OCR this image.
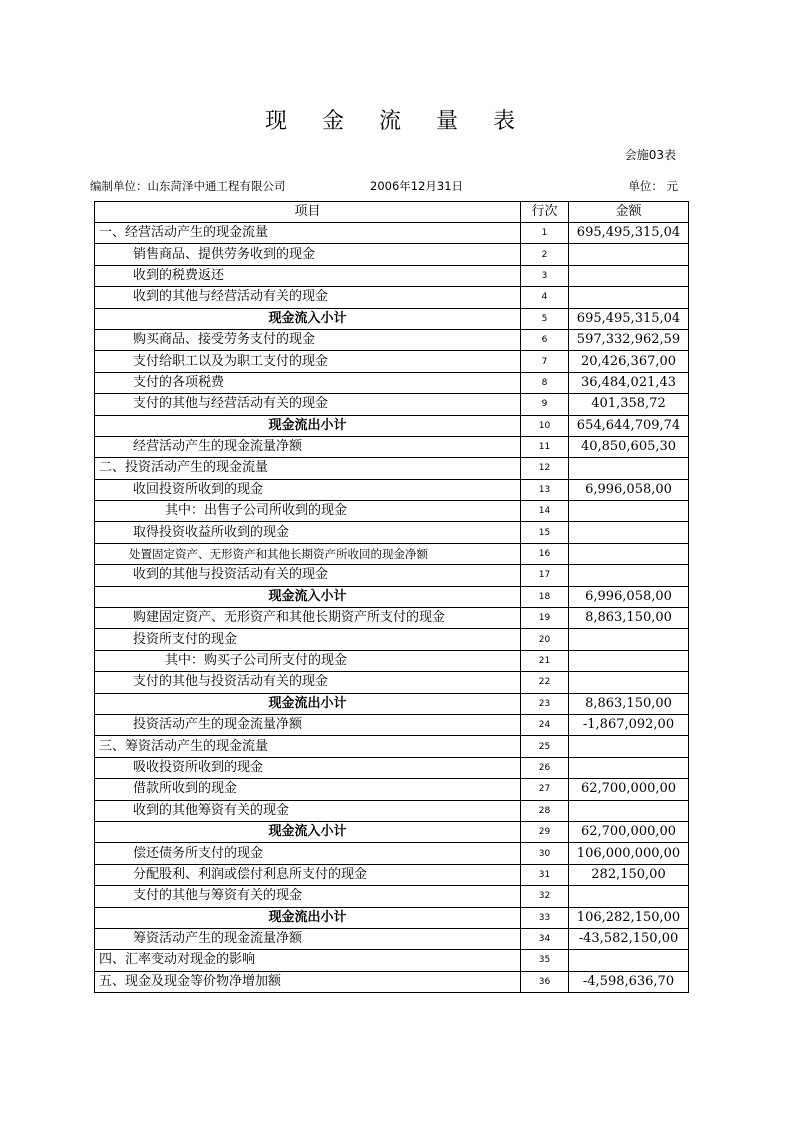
现 金 流 量 表
会施03表
编制单位：山东菏泽中通工程有限公司	2006年12月31日	单位： 元
项目	行次	金额
一、经营活动产生的现金流量	1	695,495,315,04
销售商品、提供劳务收到的现金	2	
收到的税费返还	3	
收到的其他与经营活动有关的现金	4	
现金流入小计	5	695,495,315,04
购买商品、接受劳务支付的现金	6	597,332,962,59
支付给职工以及为职工支付的现金	7	20,426,367,00
支付的各项税费	8	36,484,021,43
支付的其他与经营活动有关的现金	9	401,358,72
现金流出小计	10	654,644,709,74
经营活动产生的现金流量净额	11	40,850,605,30
二、投资活动产生的现金流量	12	
收回投资所收到的现金	13	6,996,058,00
其中：出售子公司所收到的现金	14	
取得投资收益所收到的现金	15	
处置固定资产、无形资产和其他长期资产所收回的现金净额	16	
收到的其他与投资活动有关的现金	17	
现金流入小计	18	6,996,058,00
购建固定资产、无形资产和其他长期资产所支付的现金	19	8,863,150,00
投资所支付的现金	20	
其中：购买子公司所支付的现金	21	
支付的其他与投资活动有关的现金	22	
现金流出小计	23	8,863,150,00
投资活动产生的现金流量净额	24	-1,867,092,00
三、筹资活动产生的现金流量	25	
吸收投资所收到的现金	26	
借款所收到的现金	27	62,700,000,00
收到的其他筹资有关的现金	28	
现金流入小计	29	62,700,000,00
偿还债务所支付的现金	30	106,000,000,00
分配股利、利润或偿付利息所支付的现金	31	282,150,00
支付的其他与筹资有关的现金	32	
现金流出小计	33	106,282,150,00
筹资活动产生的现金流量净额	34	-43,582,150,00
四、汇率变动对现金的影响	35	
五、现金及现金等价物净增加额	36	-4,598,636,70
